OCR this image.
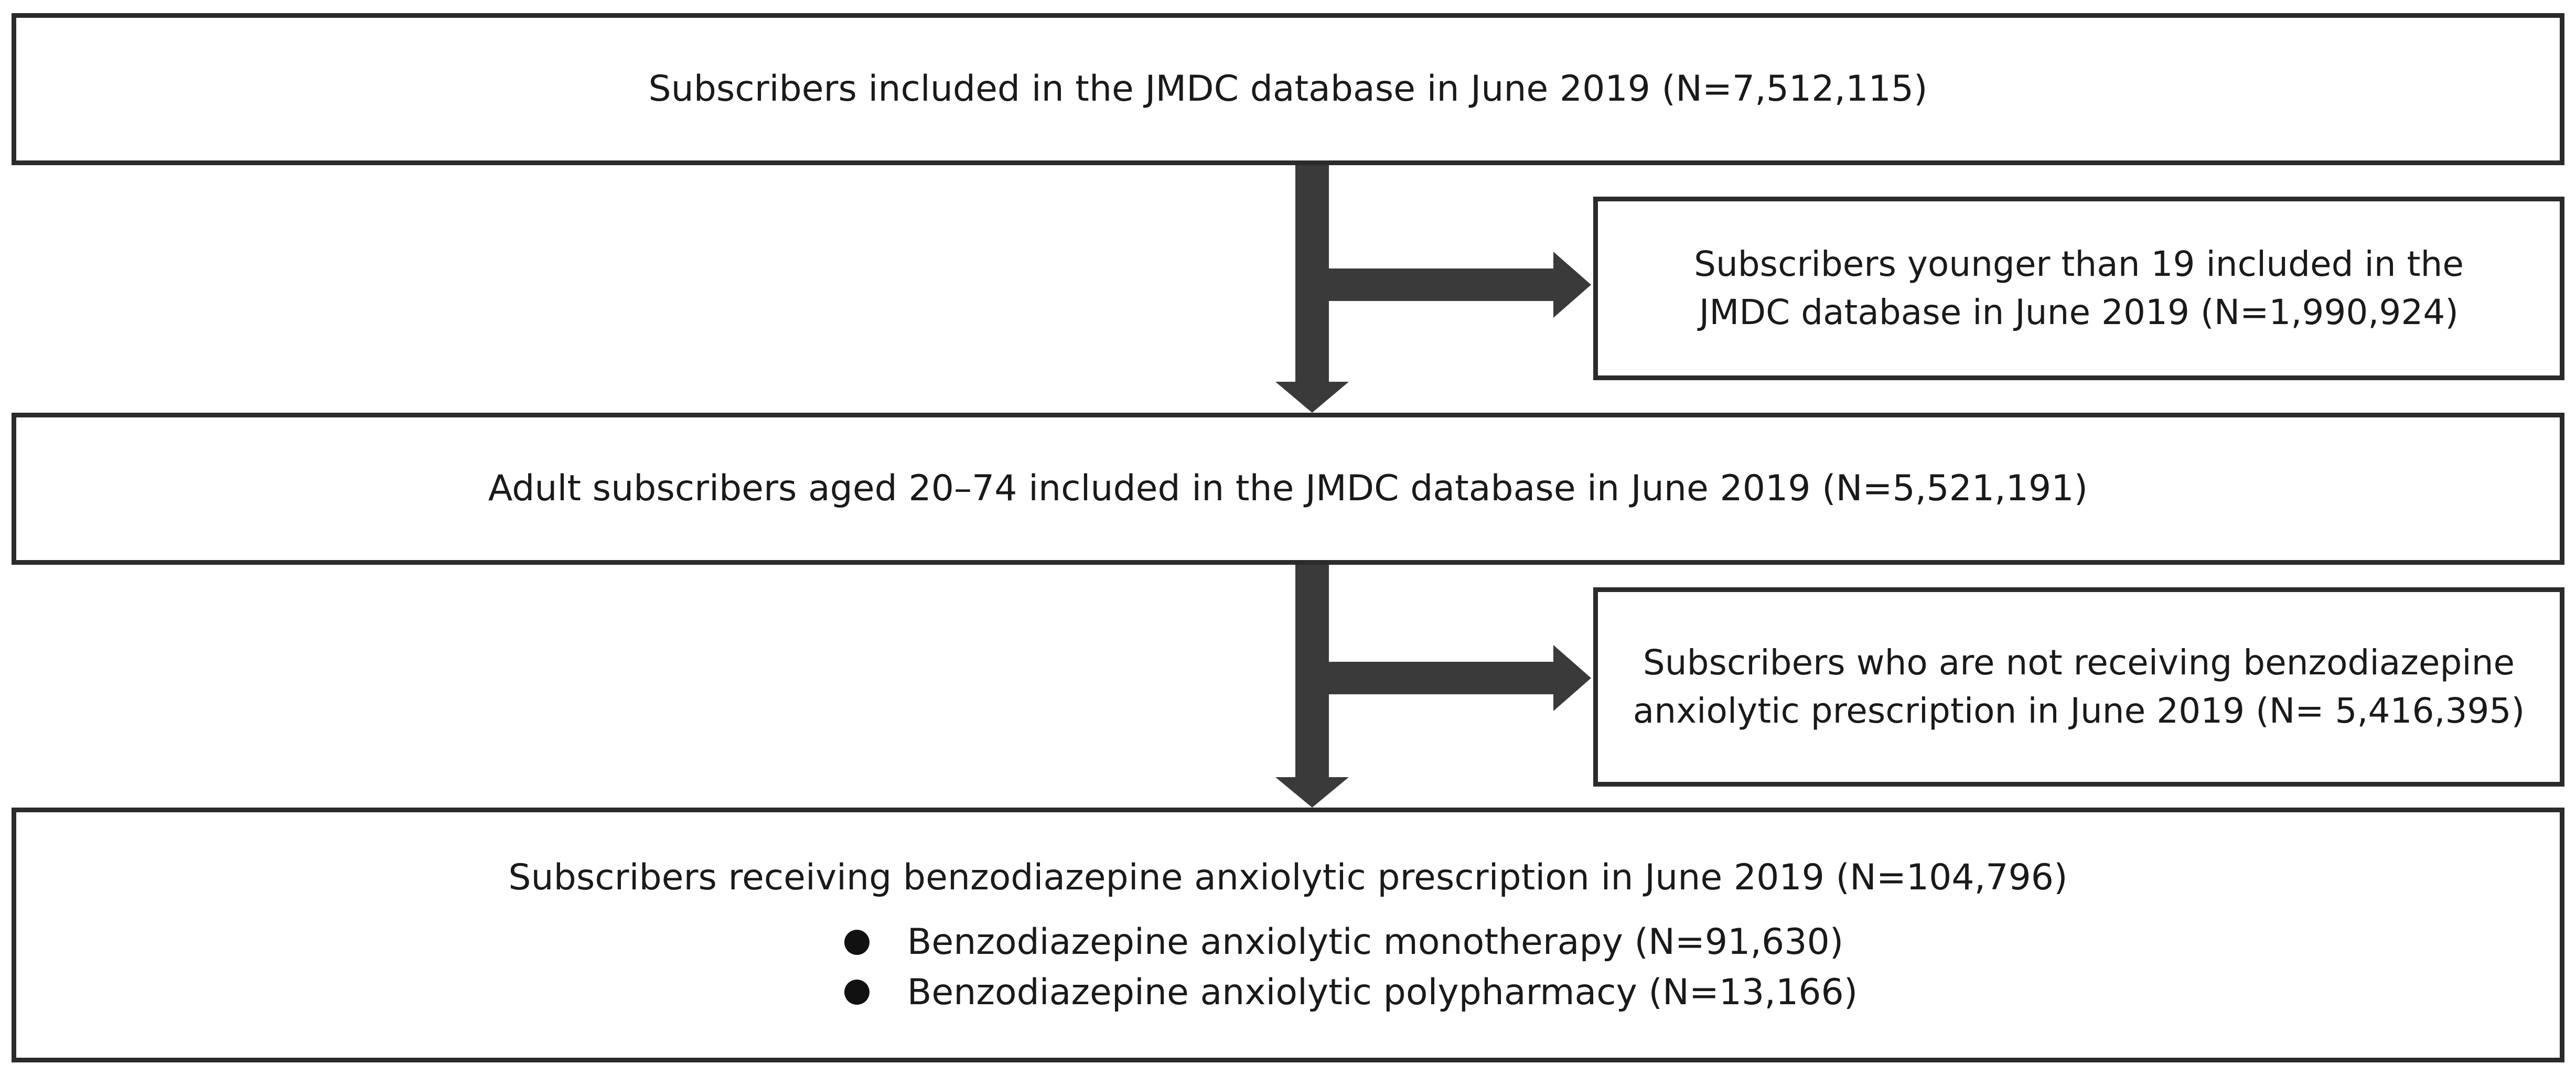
Subscribers included in the JMDC database in June 2019 (N=7,512,115)
Subscribers younger than 19 included in the
JMDC database in June 2019 (N=1,990,924)
Adult subscribers aged 20–74 included in the JMDC database in June 2019 (N=5,521,191)
Subscribers who are not receiving benzodiazepine
anxiolytic prescription in June 2019 (N= 5,416,395)
Subscribers receiving benzodiazepine anxiolytic prescription in June 2019 (N=104,796)
Benzodiazepine anxiolytic monotherapy (N=91,630)
Benzodiazepine anxiolytic polypharmacy (N=13,166)
